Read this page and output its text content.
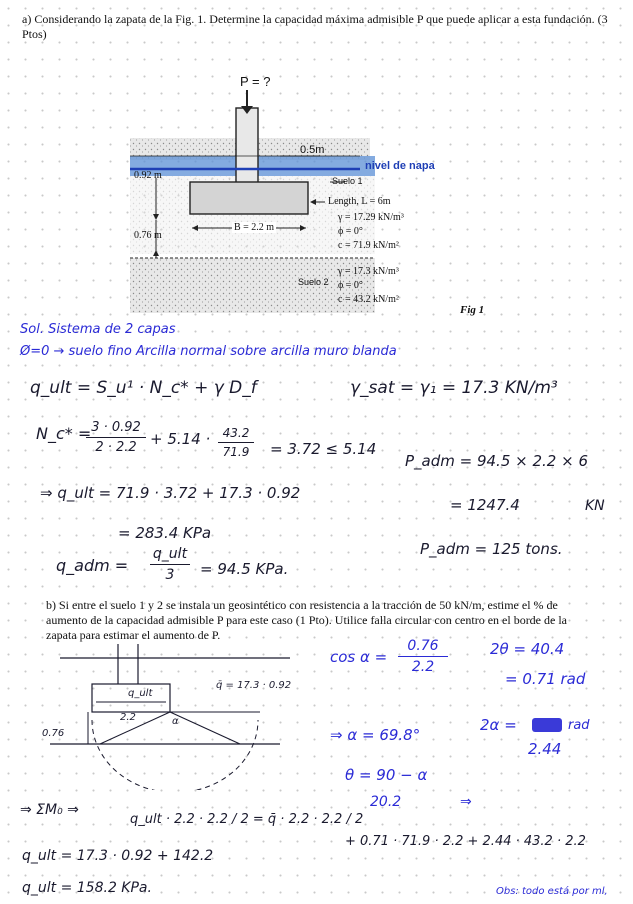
a) Considerando la zapata de la Fig. 1. Determine la capacidad máxima admisible P que puede aplicar a esta fundación. (3 Ptos)
P = ?
0.5m
nivel de napa
0.92 m
0.76 m
B = 2.2 m
Suelo 1
Suelo 2
Length, L = 6m
γ = 17.29 kN/m³
ϕ = 0°
c = 71.9 kN/m²
γ = 17.3 kN/m³
ϕ = 0°
c = 43.2 kN/m²
Fig 1
Sol. Sistema de 2 capas
Ø=0 → suelo fino Arcilla normal sobre arcilla muro blanda
q_ult = S_u¹ · N_c* + γ D_f	γ_sat = γ₁ = 17.3 KN/m³
N_c* = 3 · 0.92
2 · 2.2 + 5.14 ·	43.2
71.9	= 3.72 ≤ 5.14
P_adm = 94.5 × 2.2 × 6
⇒ q_ult = 71.9 · 3.72 + 17.3 · 0.92
= 1247.4	KN
= 283.4 KPa
q_adm =
q_ult
3	= 94.5 KPa.
P_adm = 125 tons.
b) Si entre el suelo 1 y 2 se instala un geosintético con resistencia a la tracción de 50 kN/m, estime el % de aumento de la capacidad admisible P para este caso (1 Pto). Utilice falla circular con centro en el borde de la zapata para estimar el aumento de P.
q̄ = 17.3 · 0.92
q_ult
2.2
0.76
α
cos α =
0.76
2.2
2θ = 40.4
= 0.71 rad
⇒ α = 69.8°
2α =	rad
2.44
θ = 90 − α
20.2	⇒
⇒ ΣM₀ ⇒
q_ult · 2.2 · 2.2 / 2 = q̄ · 2.2 · 2.2 / 2
+ 0.71 · 71.9 · 2.2 + 2.44 · 43.2 · 2.2
q_ult = 17.3 · 0.92 + 142.2
q_ult = 158.2 KPa.	Obs: todo está por ml,
